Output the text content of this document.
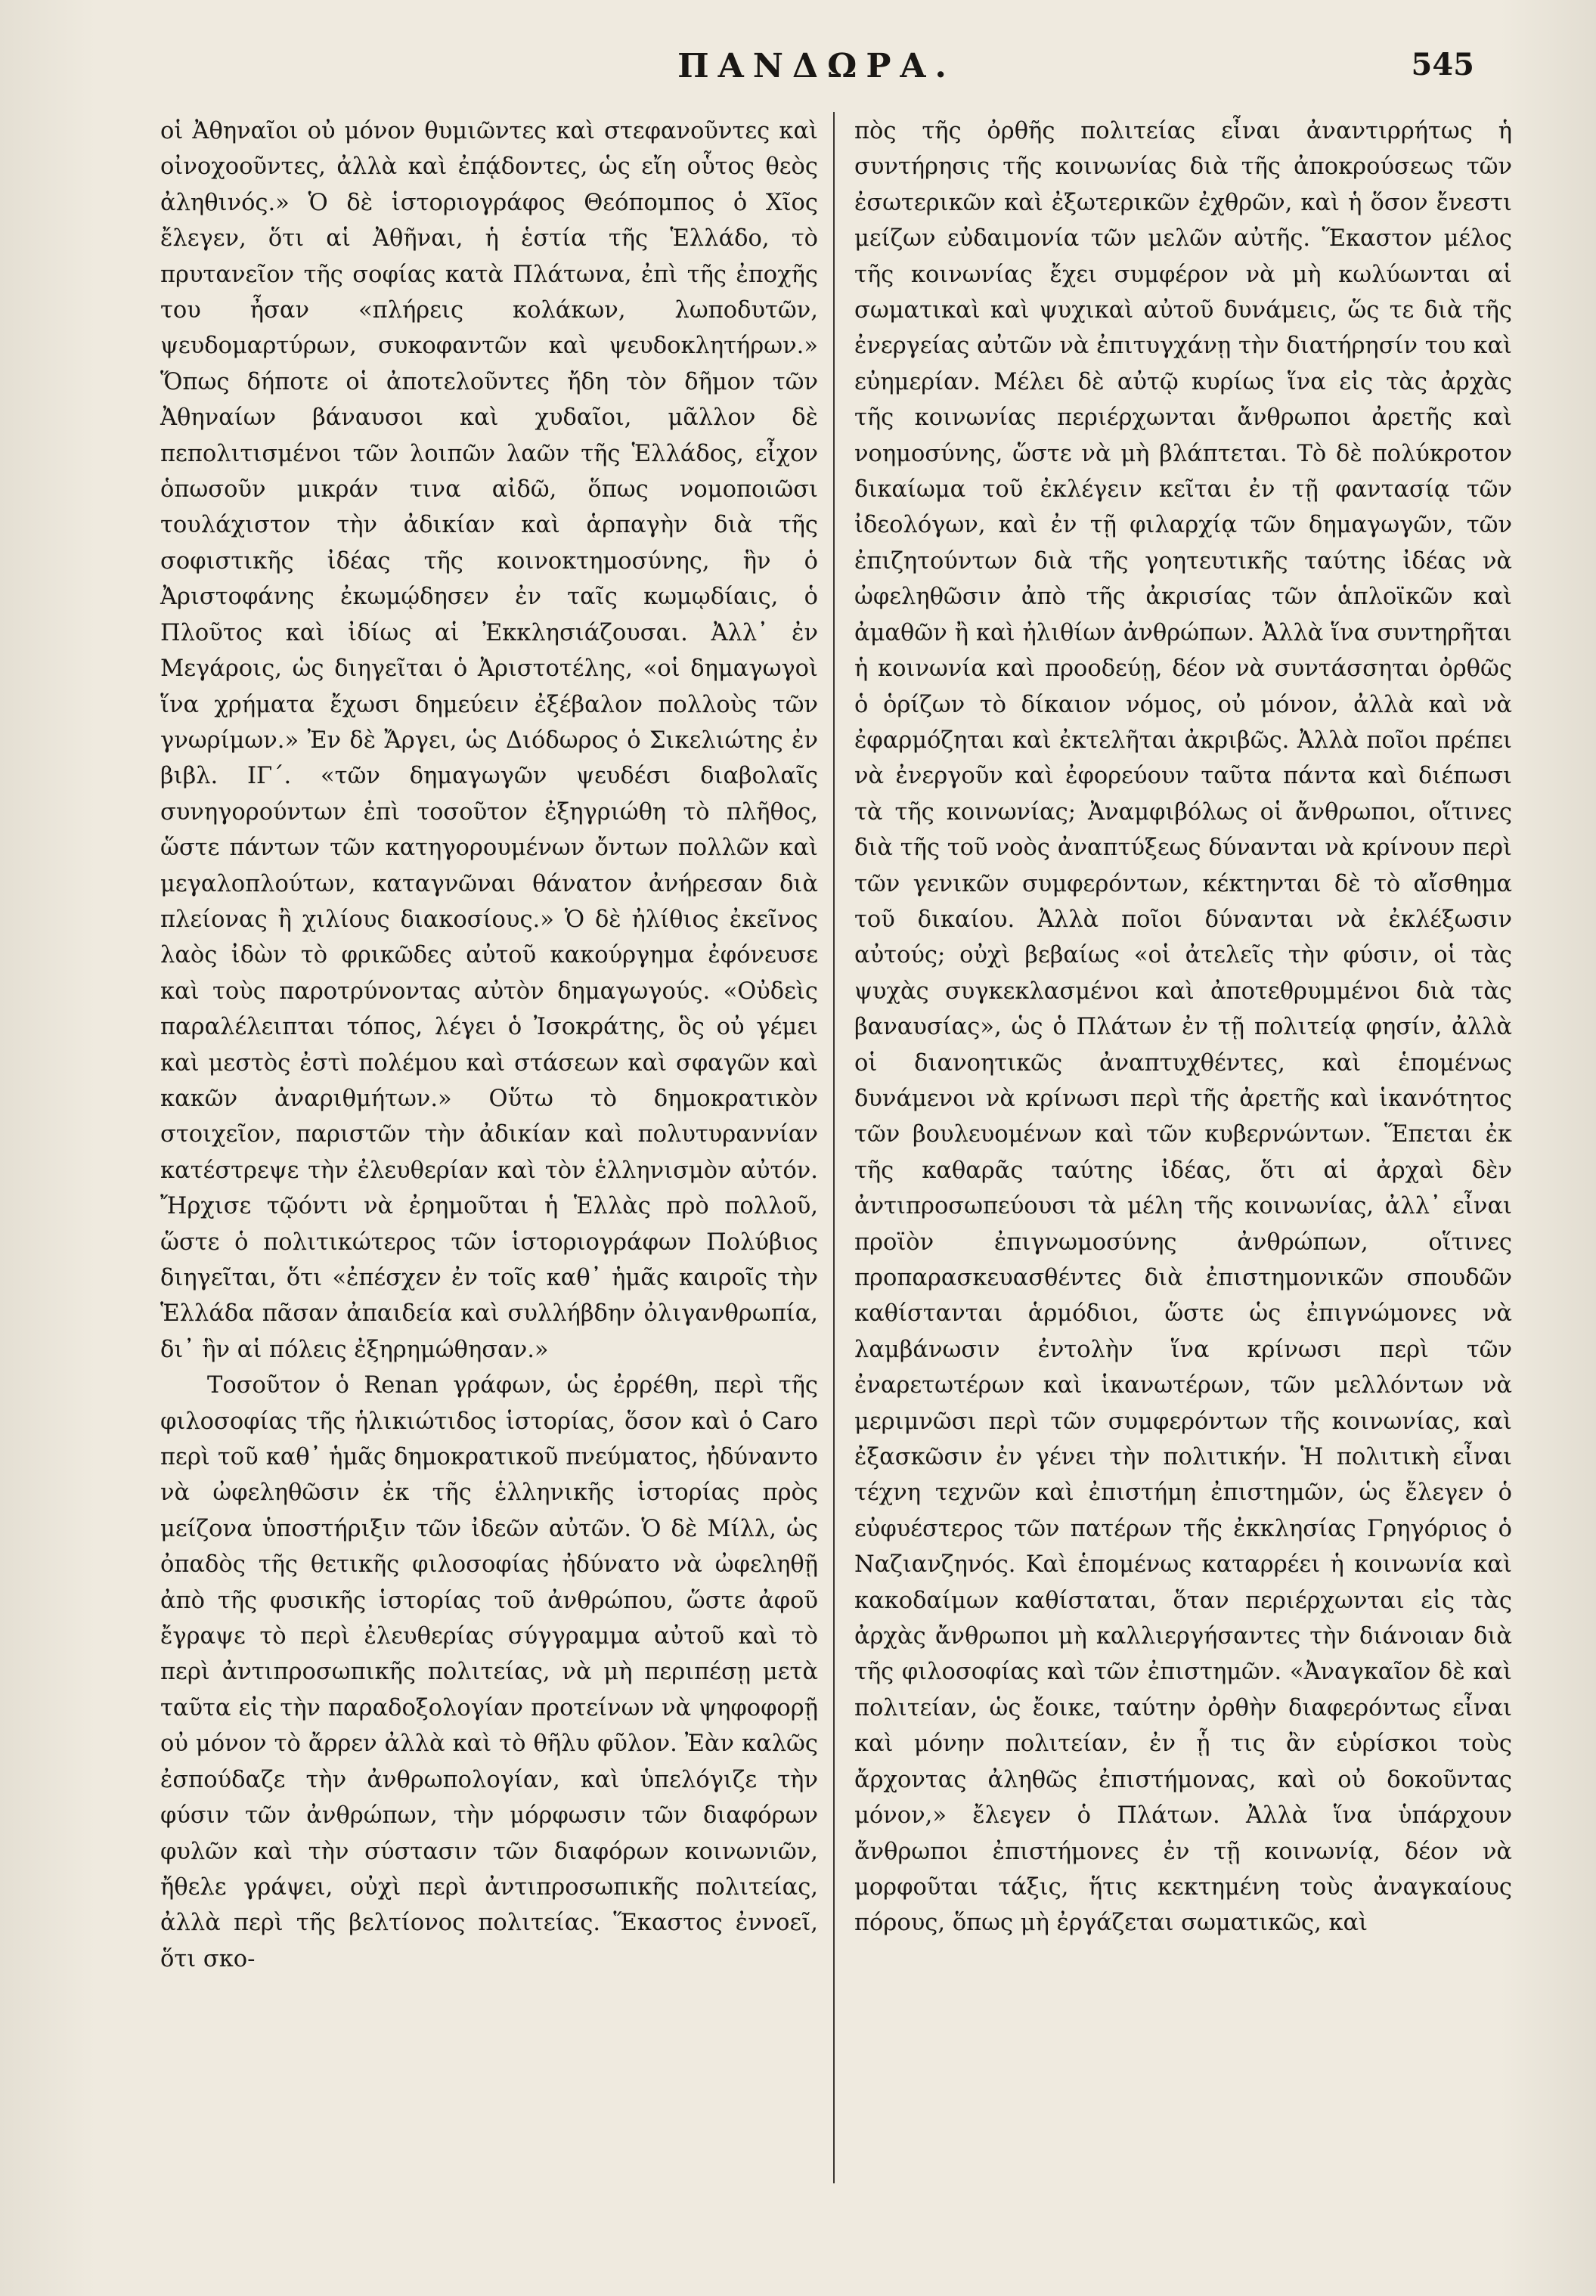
ΠΑΝΔΩΡΑ.	545

οἱ Ἀθηναῖοι οὐ μόνον θυμιῶντες καὶ στεφανοῦντες καὶ οἰνοχοοῦντες, ἀλλὰ καὶ ἐπᾴδοντες, ὡς εἴη οὗτος θεὸς ἀληθινός.» Ὁ δὲ ἱστοριογράφος Θεόπομπος ὁ Χῖος ἔλεγεν, ὅτι αἱ Ἀθῆναι, ἡ ἑστία τῆς Ἑλλάδο, τὸ πρυτανεῖον τῆς σοφίας κατὰ Πλάτωνα, ἐπὶ τῆς ἐποχῆς του ἦσαν «πλήρεις κολάκων, λωποδυτῶν, ψευδομαρτύρων, συκοφαντῶν καὶ ψευδοκλητήρων.» Ὅπως δήποτε οἱ ἀποτελοῦντες ἤδη τὸν δῆμον τῶν Ἀθηναίων βάναυσοι καὶ χυδαῖοι, μᾶλλον δὲ πεπολιτισμένοι τῶν λοιπῶν λαῶν τῆς Ἑλλάδος, εἶχον ὁπωσοῦν μικράν τινα αἰδῶ, ὅπως νομοποιῶσι τουλάχιστον τὴν ἀδικίαν καὶ ἁρπαγὴν διὰ τῆς σοφιστικῆς ἰδέας τῆς κοινοκτημοσύνης, ἣν ὁ Ἀριστοφάνης ἐκωμῴδησεν ἐν ταῖς κωμῳδίαις, ὁ Πλοῦτος καὶ ἰδίως αἱ Ἐκκλησιάζουσαι. Ἀλλ᾽ ἐν Μεγάροις, ὡς διηγεῖται ὁ Ἀριστοτέλης, «οἱ δημαγωγοὶ ἵνα χρήματα ἔχωσι δημεύειν ἐξέβαλον πολλοὺς τῶν γνωρίμων.» Ἐν δὲ Ἄργει, ὡς Διόδωρος ὁ Σικελιώτης ἐν βιβλ. ΙΓ΄. «τῶν δημαγωγῶν ψευδέσι διαβολαῖς συνηγορούντων ἐπὶ τοσοῦτον ἐξηγριώθη τὸ πλῆθος, ὥστε πάντων τῶν κατηγορουμένων ὄντων πολλῶν καὶ μεγαλοπλούτων, καταγνῶναι θάνατον ἀνήρεσαν διὰ πλείονας ἢ χιλίους διακοσίους.» Ὁ δὲ ἠλίθιος ἐκεῖνος λαὸς ἰδὼν τὸ φρικῶδες αὐτοῦ κακούργημα ἐφόνευσε καὶ τοὺς παροτρύνοντας αὐτὸν δημαγωγούς. «Οὐδεὶς παραλέλειπται τόπος, λέγει ὁ Ἰσοκράτης, ὃς οὐ γέμει καὶ μεστὸς ἐστὶ πολέμου καὶ στάσεων καὶ σφαγῶν καὶ κακῶν ἀναριθμήτων.» Οὕτω τὸ δημοκρατικὸν στοιχεῖον, παριστῶν τὴν ἀδικίαν καὶ πολυτυραννίαν κατέστρεψε τὴν ἐλευθερίαν καὶ τὸν ἑλληνισμὸν αὐτόν. Ἤρχισε τῷόντι νὰ ἐρημοῦται ἡ Ἑλλὰς πρὸ πολλοῦ, ὥστε ὁ πολιτικώτερος τῶν ἱστοριογράφων Πολύβιος διηγεῖται, ὅτι «ἐπέσχεν ἐν τοῖς καθ᾽ ἡμᾶς καιροῖς τὴν Ἑλλάδα πᾶσαν ἀπαιδεία καὶ συλλήβδην ὀλιγανθρωπία, δι᾽ ἣν αἱ πόλεις ἐξηρημώθησαν.»

Τοσοῦτον ὁ Renan γράφων, ὡς ἐρρέθη, περὶ τῆς φιλοσοφίας τῆς ἡλικιώτιδος ἱστορίας, ὅσον καὶ ὁ Caro περὶ τοῦ καθ᾽ ἡμᾶς δημοκρατικοῦ πνεύματος, ἠδύναντο νὰ ὠφεληθῶσιν ἐκ τῆς ἑλληνικῆς ἱστορίας πρὸς μείζονα ὑποστήριξιν τῶν ἰδεῶν αὐτῶν. Ὁ δὲ Μίλλ, ὡς ὀπαδὸς τῆς θετικῆς φιλοσοφίας ἠδύνατο νὰ ὠφεληθῇ ἀπὸ τῆς φυσικῆς ἱστορίας τοῦ ἀνθρώπου, ὥστε ἀφοῦ ἔγραψε τὸ περὶ ἐλευθερίας σύγγραμμα αὐτοῦ καὶ τὸ περὶ ἀντιπροσωπικῆς πολιτείας, νὰ μὴ περιπέσῃ μετὰ ταῦτα εἰς τὴν παραδοξολογίαν προτείνων νὰ ψηφοφορῇ οὐ μόνον τὸ ἄρρεν ἀλλὰ καὶ τὸ θῆλυ φῦλον. Ἐὰν καλῶς ἐσπούδαζε τὴν ἀνθρωπολογίαν, καὶ ὑπελόγιζε τὴν φύσιν τῶν ἀνθρώπων, τὴν μόρφωσιν τῶν διαφόρων φυλῶν καὶ τὴν σύστασιν τῶν διαφόρων κοινωνιῶν, ἤθελε γράψει, οὐχὶ περὶ ἀντιπροσωπικῆς πολιτείας, ἀλλὰ περὶ τῆς βελτίονος πολιτείας. Ἕκαστος ἐννοεῖ, ὅτι σκο-

πὸς τῆς ὀρθῆς πολιτείας εἶναι ἀναντιρρήτως ἡ συντήρησις τῆς κοινωνίας διὰ τῆς ἀποκρούσεως τῶν ἐσωτερικῶν καὶ ἐξωτερικῶν ἐχθρῶν, καὶ ἡ ὅσον ἔνεστι μείζων εὐδαιμονία τῶν μελῶν αὐτῆς. Ἕκαστον μέλος τῆς κοινωνίας ἔχει συμφέρον νὰ μὴ κωλύωνται αἱ σωματικαὶ καὶ ψυχικαὶ αὐτοῦ δυνάμεις, ὥς τε διὰ τῆς ἐνεργείας αὐτῶν νὰ ἐπιτυγχάνῃ τὴν διατήρησίν του καὶ εὐημερίαν. Μέλει δὲ αὐτῷ κυρίως ἵνα εἰς τὰς ἀρχὰς τῆς κοινωνίας περιέρχωνται ἄνθρωποι ἀρετῆς καὶ νοημοσύνης, ὥστε νὰ μὴ βλάπτεται. Τὸ δὲ πολύκροτον δικαίωμα τοῦ ἐκλέγειν κεῖται ἐν τῇ φαντασίᾳ τῶν ἰδεολόγων, καὶ ἐν τῇ φιλαρχίᾳ τῶν δημαγωγῶν, τῶν ἐπιζητούντων διὰ τῆς γοητευτικῆς ταύτης ἰδέας νὰ ὠφεληθῶσιν ἀπὸ τῆς ἀκρισίας τῶν ἁπλοϊκῶν καὶ ἀμαθῶν ἢ καὶ ἠλιθίων ἀνθρώπων. Ἀλλὰ ἵνα συντηρῆται ἡ κοινωνία καὶ προοδεύῃ, δέον νὰ συντάσσηται ὀρθῶς ὁ ὁρίζων τὸ δίκαιον νόμος, οὐ μόνον, ἀλλὰ καὶ νὰ ἐφαρμόζηται καὶ ἐκτελῆται ἀκριβῶς. Ἀλλὰ ποῖοι πρέπει νὰ ἐνεργοῦν καὶ ἐφορεύουν ταῦτα πάντα καὶ διέπωσι τὰ τῆς κοινωνίας; Ἀναμφιβόλως οἱ ἄνθρωποι, οἵτινες διὰ τῆς τοῦ νοὸς ἀναπτύξεως δύνανται νὰ κρίνουν περὶ τῶν γενικῶν συμφερόντων, κέκτηνται δὲ τὸ αἴσθημα τοῦ δικαίου. Ἀλλὰ ποῖοι δύνανται νὰ ἐκλέξωσιν αὐτούς; οὐχὶ βεβαίως «οἱ ἀτελεῖς τὴν φύσιν, οἱ τὰς ψυχὰς συγκεκλασμένοι καὶ ἀποτεθρυμμένοι διὰ τὰς βαναυσίας», ὡς ὁ Πλάτων ἐν τῇ πολιτείᾳ φησίν, ἀλλὰ οἱ διανοητικῶς ἀναπτυχθέντες, καὶ ἑπομένως δυνάμενοι νὰ κρίνωσι περὶ τῆς ἀρετῆς καὶ ἱκανότητος τῶν βουλευομένων καὶ τῶν κυβερνώντων. Ἕπεται ἐκ τῆς καθαρᾶς ταύτης ἰδέας, ὅτι αἱ ἀρχαὶ δὲν ἀντιπροσωπεύουσι τὰ μέλη τῆς κοινωνίας, ἀλλ᾽ εἶναι προϊὸν ἐπιγνωμοσύνης ἀνθρώπων, οἵτινες προπαρασκευασθέντες διὰ ἐπιστημονικῶν σπουδῶν καθίστανται ἁρμόδιοι, ὥστε ὡς ἐπιγνώμονες νὰ λαμβάνωσιν ἐντολὴν ἵνα κρίνωσι περὶ τῶν ἐναρετωτέρων καὶ ἱκανωτέρων, τῶν μελλόντων νὰ μεριμνῶσι περὶ τῶν συμφερόντων τῆς κοινωνίας, καὶ ἐξασκῶσιν ἐν γένει τὴν πολιτικήν. Ἡ πολιτικὴ εἶναι τέχνη τεχνῶν καὶ ἐπιστήμη ἐπιστημῶν, ὡς ἔλεγεν ὁ εὐφυέστερος τῶν πατέρων τῆς ἐκκλησίας Γρηγόριος ὁ Ναζιανζηνός. Καὶ ἑπομένως καταρρέει ἡ κοινωνία καὶ κακοδαίμων καθίσταται, ὅταν περιέρχωνται εἰς τὰς ἀρχὰς ἄνθρωποι μὴ καλλιεργήσαντες τὴν διάνοιαν διὰ τῆς φιλοσοφίας καὶ τῶν ἐπιστημῶν. «Ἀναγκαῖον δὲ καὶ πολιτείαν, ὡς ἔοικε, ταύτην ὀρθὴν διαφερόντως εἶναι καὶ μόνην πολιτείαν, ἐν ᾗ τις ἂν εὑρίσκοι τοὺς ἄρχοντας ἀληθῶς ἐπιστήμονας, καὶ οὐ δοκοῦντας μόνον,» ἔλεγεν ὁ Πλάτων. Ἀλλὰ ἵνα ὑπάρχουν ἄνθρωποι ἐπιστήμονες ἐν τῇ κοινωνίᾳ, δέον νὰ μορφοῦται τάξις, ἥτις κεκτημένη τοὺς ἀναγκαίους πόρους, ὅπως μὴ ἐργάζεται σωματικῶς, καὶ
